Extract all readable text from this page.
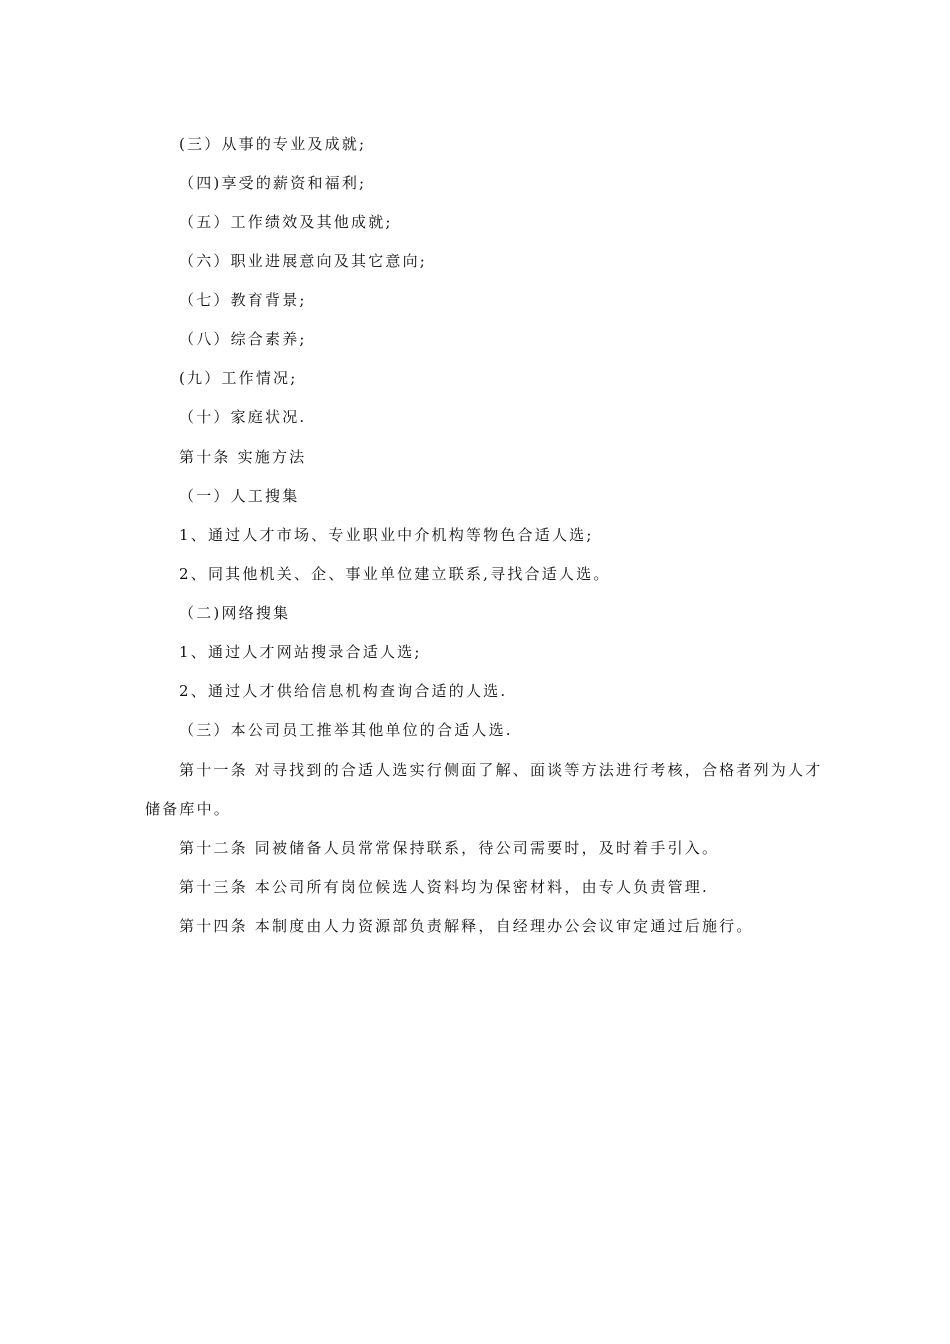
(三）从事的专业及成就;
（四)享受的薪资和福利;
（五）工作绩效及其他成就;
（六）职业进展意向及其它意向;
（七）教育背景;
（八）综合素养;
(九）工作情况;
（十）家庭状况.
第十条 实施方法
（一）人工搜集
1、通过人才市场、专业职业中介机构等物色合适人选;
2、同其他机关、企、事业单位建立联系,寻找合适人选。
（二)网络搜集
1、通过人才网站搜录合适人选;
2、通过人才供给信息机构查询合适的人选.
（三）本公司员工推举其他单位的合适人选.
第十一条 对寻找到的合适人选实行侧面了解、面谈等方法进行考核，合格者列为人才
储备库中。
第十二条 同被储备人员常常保持联系，待公司需要时，及时着手引入。
第十三条 本公司所有岗位候选人资料均为保密材料，由专人负责管理.
第十四条 本制度由人力资源部负责解释，自经理办公会议审定通过后施行。
